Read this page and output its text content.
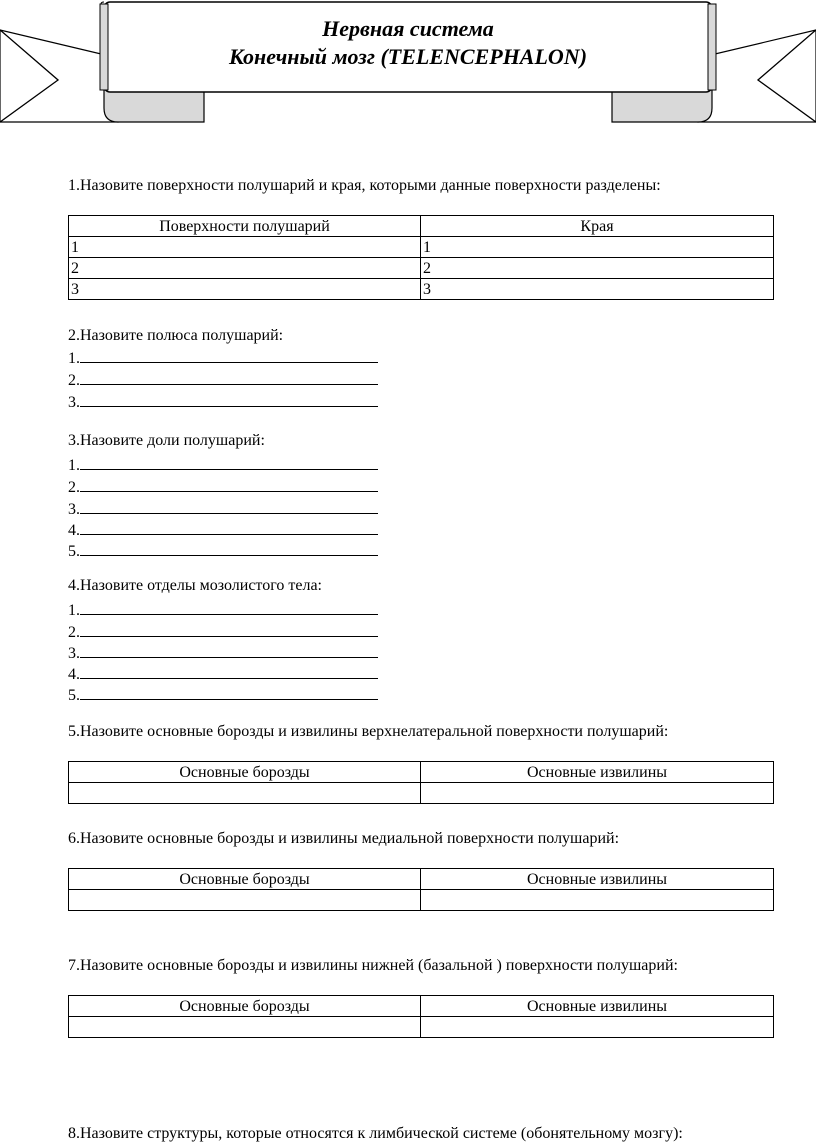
Нервная система
Конечный мозг (TELENCEPHALON)

1.Назовите поверхности полушарий и края, которыми данные поверхности разделены:

Поверхности полушарий	Края
1	1
2	2
3	3

2.Назовите полюса полушарий:

1.
2.
3.

3.Назовите доли полушарий:

1.
2.
3.
4.
5.

4.Назовите отделы мозолистого тела:

1.
2.
3.
4.
5.

5.Назовите основные борозды и извилины верхнелатеральной поверхности полушарий:

Основные борозды	Основные извилины

6.Назовите основные борозды и извилины медиальной поверхности полушарий:

Основные борозды	Основные извилины

7.Назовите основные борозды и извилины нижней (базальной ) поверхности полушарий:

Основные борозды	Основные извилины

8.Назовите структуры, которые относятся к лимбической системе (обонятельному мозгу):
